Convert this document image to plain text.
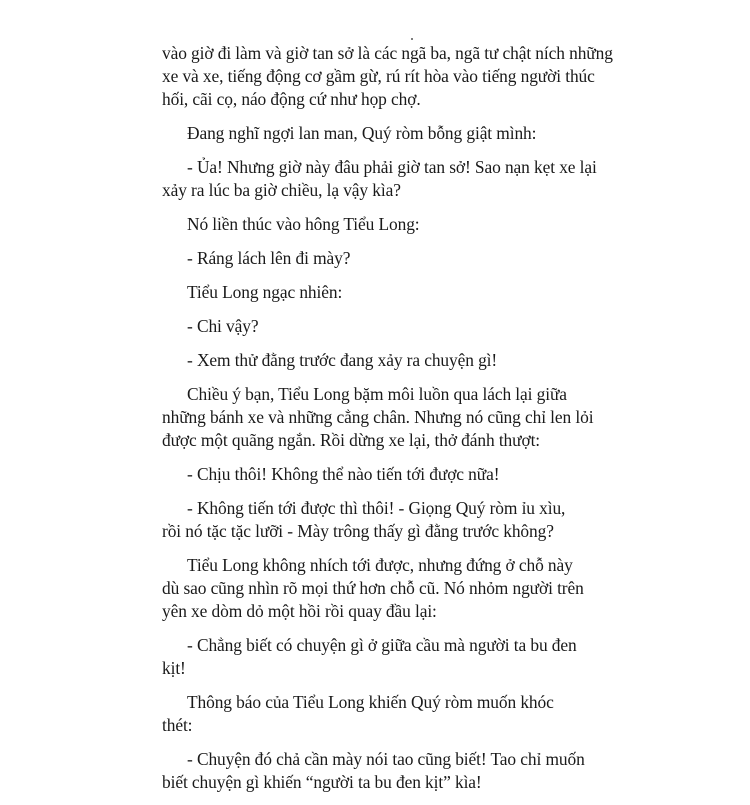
vào giờ đi làm và giờ tan sở là các ngã ba, ngã tư chật ních những
xe và xe, tiếng động cơ gầm gừ, rú rít hòa vào tiếng người thúc
hối, cãi cọ, náo động cứ như họp chợ.
Đang nghĩ ngợi lan man, Quý ròm bỗng giật mình:
- Ủa! Nhưng giờ này đâu phải giờ tan sở! Sao nạn kẹt xe lại
xảy ra lúc ba giờ chiều, lạ vậy kìa?
Nó liền thúc vào hông Tiểu Long:
- Ráng lách lên đi mày?
Tiểu Long ngạc nhiên:
- Chi vậy?
- Xem thử đằng trước đang xảy ra chuyện gì!
Chiều ý bạn, Tiểu Long bặm môi luồn qua lách lại giữa
những bánh xe và những cẳng chân. Nhưng nó cũng chỉ len lỏi
được một quãng ngắn. Rồi dừng xe lại, thở đánh thượt:
- Chịu thôi! Không thể nào tiến tới được nữa!
- Không tiến tới được thì thôi! - Giọng Quý ròm ỉu xìu,
rồi nó tặc tặc lưỡi - Mày trông thấy gì đằng trước không?
Tiểu Long không nhích tới được, nhưng đứng ở chỗ này
dù sao cũng nhìn rõ mọi thứ hơn chỗ cũ. Nó nhỏm người trên
yên xe dòm dỏ một hồi rồi quay đầu lại:
- Chẳng biết có chuyện gì ở giữa cầu mà người ta bu đen
kịt!
Thông báo của Tiểu Long khiến Quý ròm muốn khóc
thét:
- Chuyện đó chả cần mày nói tao cũng biết! Tao chỉ muốn
biết chuyện gì khiến “người ta bu đen kịt” kìa!
